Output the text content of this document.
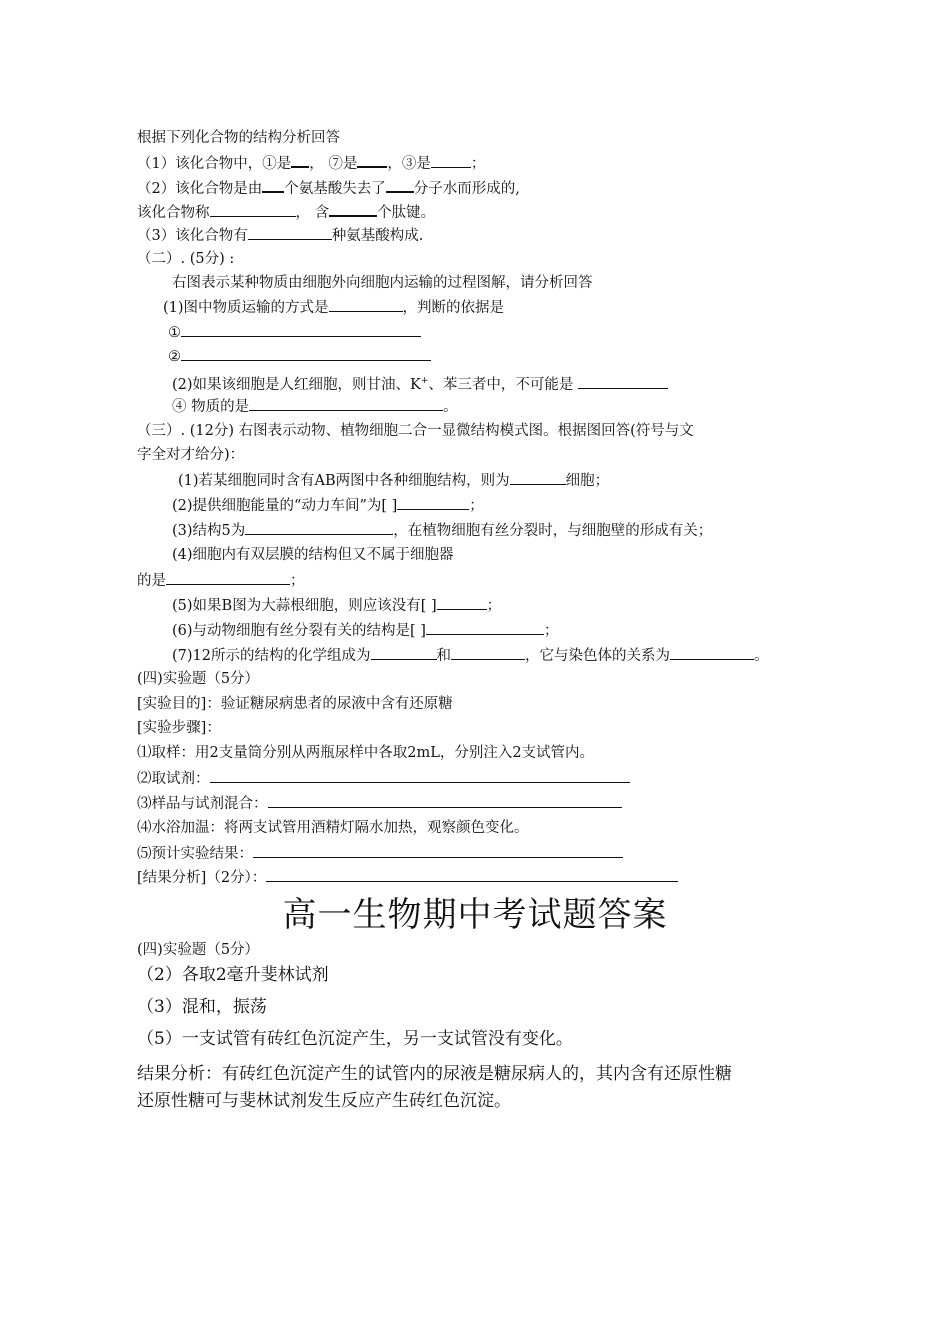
根据下列化合物的结构分析回答
（1）该化合物中，①是 ， ⑦是 ，③是	；
（2）该化合物是由 个氨基酸失去了 分子水而形成的,
该化合物称	， 含	个肽键。
（3）该化合物有	种氨基酸构成.
（二）. (5分) :
右图表示某种物质由细胞外向细胞内运输的过程图解，请分析回答
(1)图中物质运输的方式是	，判断的依据是
①
②
(2)如果该细胞是人红细胞，则甘油、K+、苯三者中，不可能是
④ 物质的是	。
（三）. (12分) 右图表示动物、植物细胞二合一显微结构模式图。根据图回答(符号与文
字全对才给分)：
(1)若某细胞同时含有AB两图中各种细胞结构，则为	细胞；
(2)提供细胞能量的“动力车间”为[ ]	；
(3)结构5为	，在植物细胞有丝分裂时，与细胞壁的形成有关；
(4)细胞内有双层膜的结构但又不属于细胞器
的是	；
(5)如果B图为大蒜根细胞，则应该没有[ ]	；
(6)与动物细胞有丝分裂有关的结构是[ ]	；
(7)12所示的结构的化学组成为	和	，它与染色体的关系为	。
(四)实验题（5分）
[实验目的]：验证糖尿病患者的尿液中含有还原糖
[实验步骤]：
⑴取样：用2支量筒分别从两瓶尿样中各取2mL，分别注入2支试管内。
⑵取试剂：
⑶样品与试剂混合：
⑷水浴加温：将两支试管用酒精灯隔水加热，观察颜色变化。
⑸预计实验结果：
[结果分析]（2分）：
高一生物期中考试题答案
(四)实验题（5分）
（2）各取2毫升斐林试剂
（3）混和，振荡
（5）一支试管有砖红色沉淀产生，另一支试管没有变化。
结果分析：有砖红色沉淀产生的试管内的尿液是糖尿病人的，其内含有还原性糖
还原性糖可与斐林试剂发生反应产生砖红色沉淀。
